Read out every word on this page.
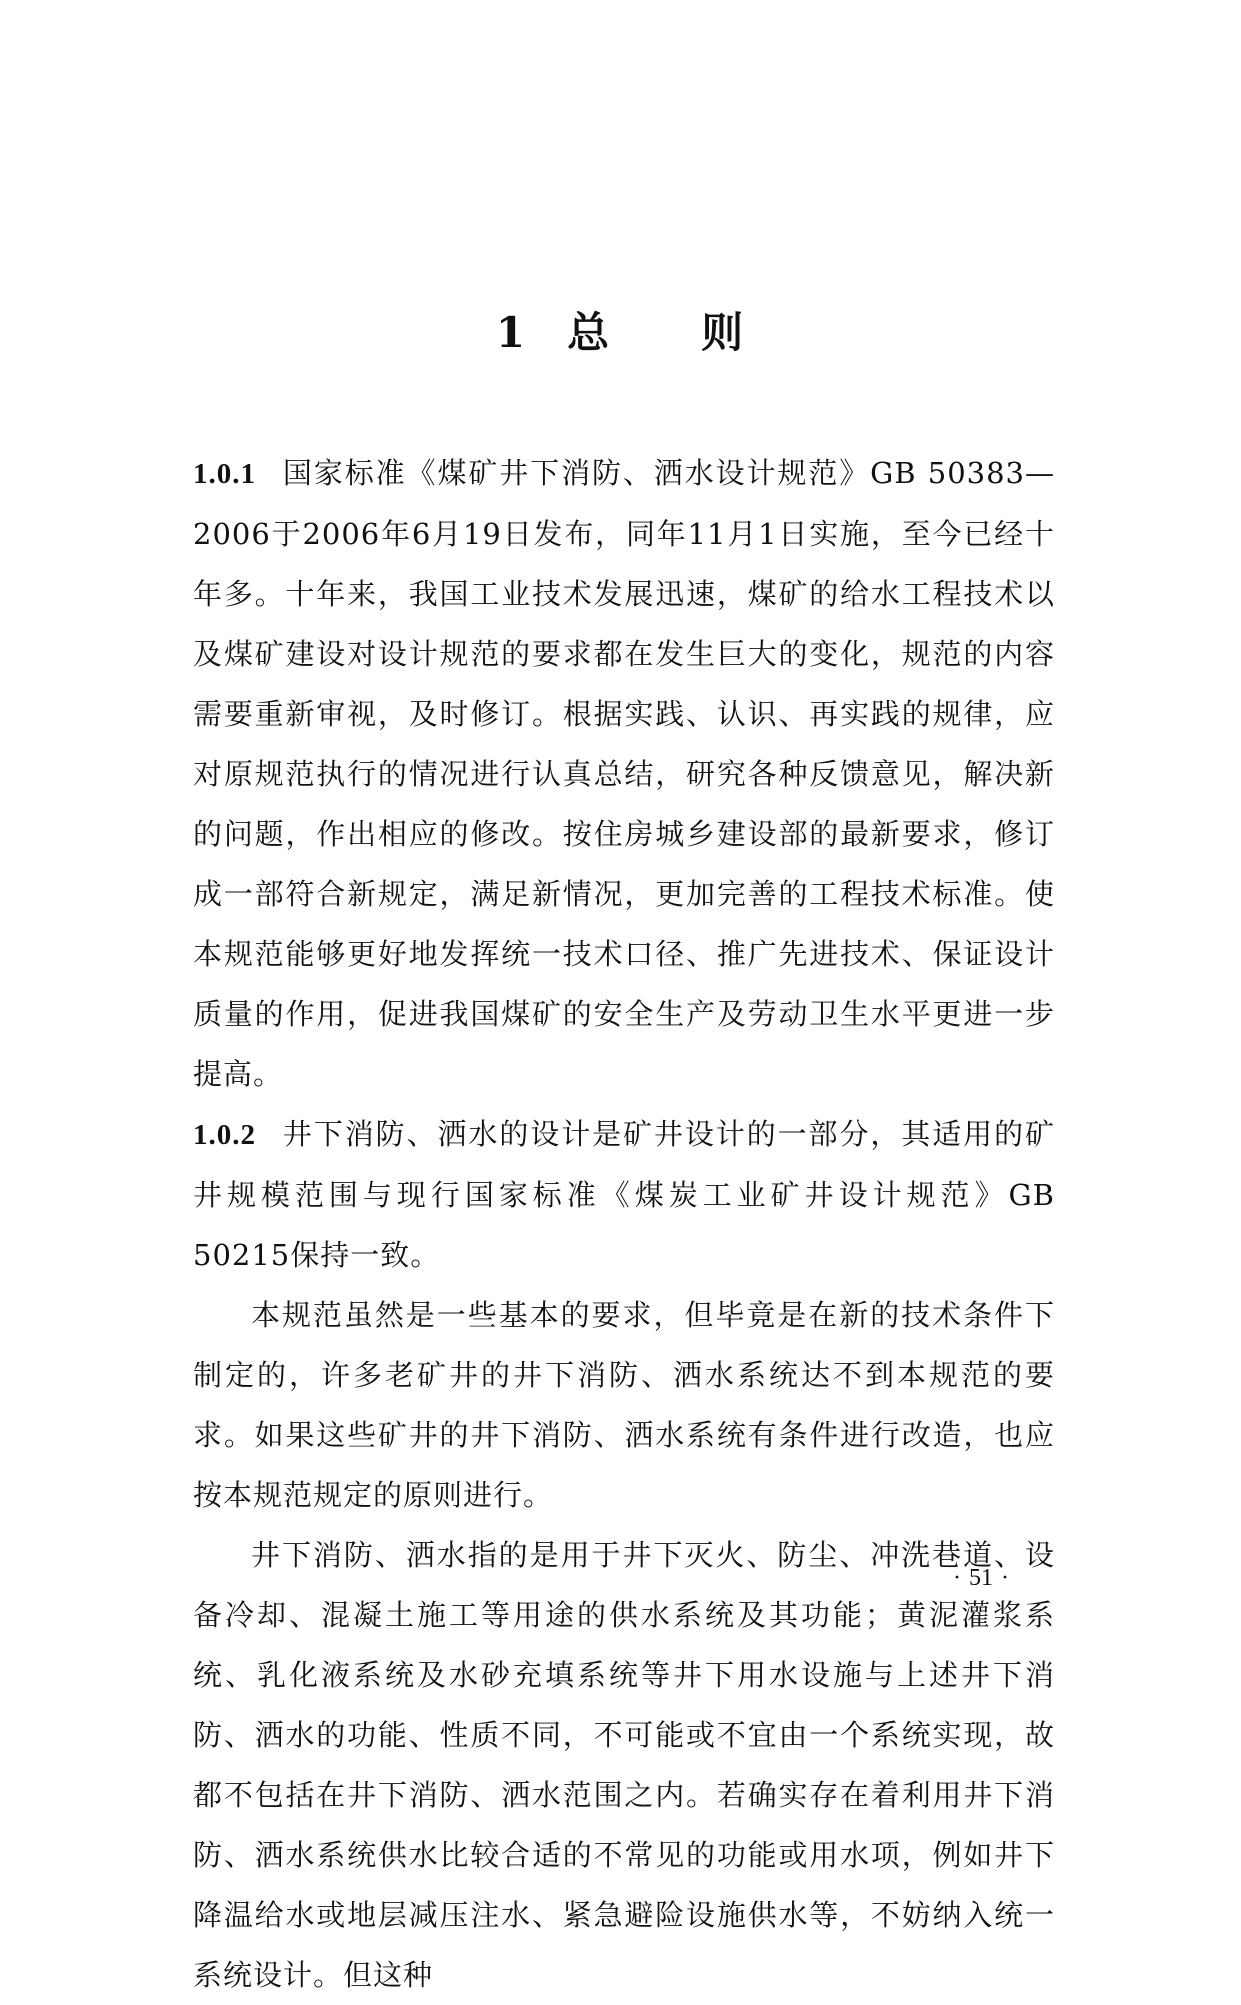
1 总 则

1.0.1 国家标准《煤矿井下消防、洒水设计规范》GB 50383—2006于2006年6月19日发布，同年11月1日实施，至今已经十年多。十年来，我国工业技术发展迅速，煤矿的给水工程技术以及煤矿建设对设计规范的要求都在发生巨大的变化，规范的内容需要重新审视，及时修订。根据实践、认识、再实践的规律，应对原规范执行的情况进行认真总结，研究各种反馈意见，解决新的问题，作出相应的修改。按住房城乡建设部的最新要求，修订成一部符合新规定，满足新情况，更加完善的工程技术标准。使本规范能够更好地发挥统一技术口径、推广先进技术、保证设计质量的作用，促进我国煤矿的安全生产及劳动卫生水平更进一步提高。

1.0.2 井下消防、洒水的设计是矿井设计的一部分，其适用的矿井规模范围与现行国家标准《煤炭工业矿井设计规范》GB 50215保持一致。

本规范虽然是一些基本的要求，但毕竟是在新的技术条件下制定的，许多老矿井的井下消防、洒水系统达不到本规范的要求。如果这些矿井的井下消防、洒水系统有条件进行改造，也应按本规范规定的原则进行。

井下消防、洒水指的是用于井下灭火、防尘、冲洗巷道、设备冷却、混凝土施工等用途的供水系统及其功能；黄泥灌浆系统、乳化液系统及水砂充填系统等井下用水设施与上述井下消防、洒水的功能、性质不同，不可能或不宜由一个系统实现，故都不包括在井下消防、洒水范围之内。若确实存在着利用井下消防、洒水系统供水比较合适的不常见的功能或用水项，例如井下降温给水或地层减压注水、紧急避险设施供水等，不妨纳入统一系统设计。但这种

· 51 ·
